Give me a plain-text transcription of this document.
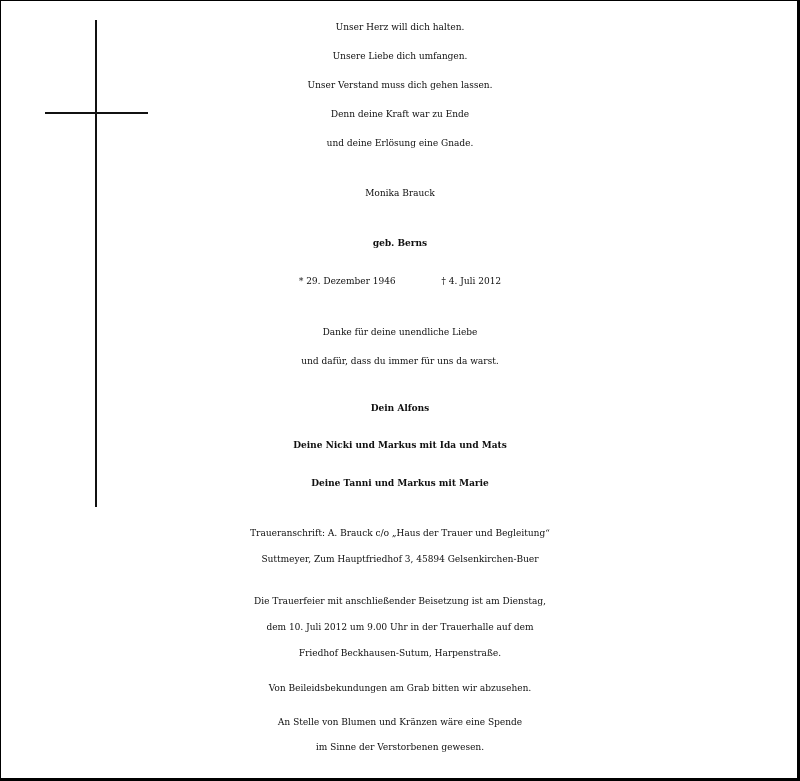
Unser Herz will dich halten.
Unsere Liebe dich umfangen.
Unser Verstand muss dich gehen lassen.
Denn deine Kraft war zu Ende
und deine Erlösung eine Gnade.
Monika Brauck
geb. Berns
* 29. Dezember 1946	† 4. Juli 2012
Danke für deine unendliche Liebe
und dafür, dass du immer für uns da warst.
Dein Alfons
Deine Nicki und Markus mit Ida und Mats
Deine Tanni und Markus mit Marie
Traueranschrift: A. Brauck c/o „Haus der Trauer und Begleitung“
Suttmeyer, Zum Hauptfriedhof 3, 45894 Gelsenkirchen-Buer
Die Trauerfeier mit anschließender Beisetzung ist am Dienstag,
dem 10. Juli 2012 um 9.00 Uhr in der Trauerhalle auf dem
Friedhof Beckhausen-Sutum, Harpenstraße.
Von Beileidsbekundungen am Grab bitten wir abzusehen.
An Stelle von Blumen und Kränzen wäre eine Spende
im Sinne der Verstorbenen gewesen.
